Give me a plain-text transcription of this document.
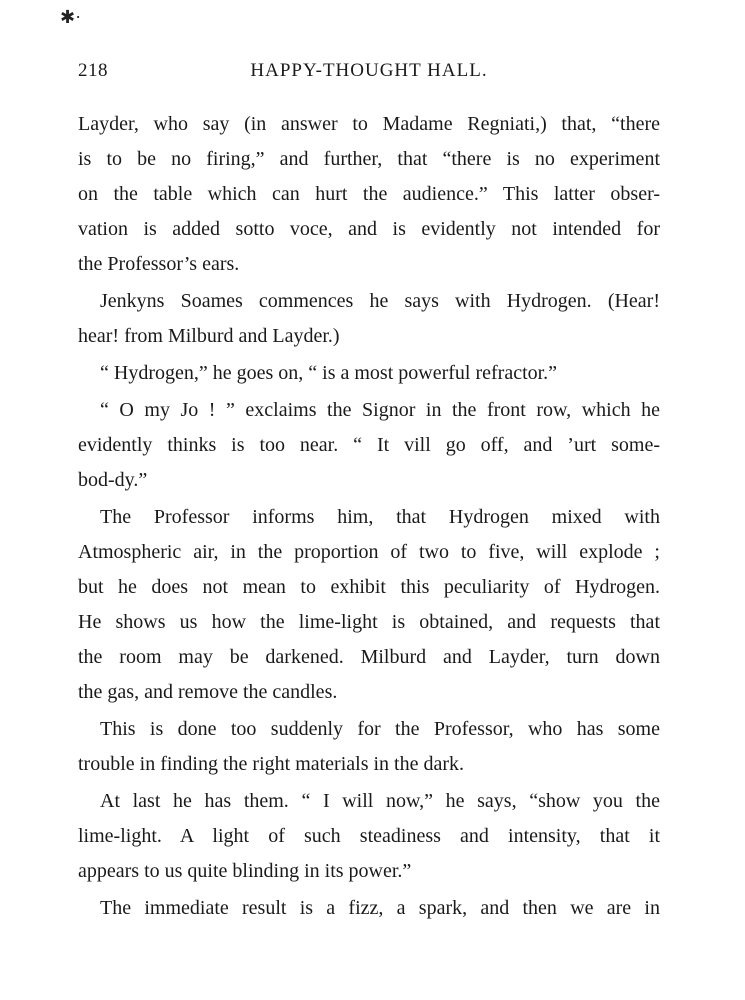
✱·
218	HAPPY-THOUGHT HALL.
Layder, who say (in answer to Madame Regniati,) that, “there
is to be no firing,” and further, that “there is no experiment
on the table which can hurt the audience.” This latter obser-
vation is added sotto voce, and is evidently not intended for
the Professor’s ears.
Jenkyns Soames commences he says with Hydrogen. (Hear!
hear! from Milburd and Layder.)
“ Hydrogen,” he goes on, “ is a most powerful refractor.”
“ O my Jo ! ” exclaims the Signor in the front row, which he
evidently thinks is too near. “ It vill go off, and ’urt some-
bod-dy.”
The Professor informs him, that Hydrogen mixed with
Atmospheric air, in the proportion of two to five, will explode ;
but he does not mean to exhibit this peculiarity of Hydrogen.
He shows us how the lime-light is obtained, and requests that
the room may be darkened. Milburd and Layder, turn down
the gas, and remove the candles.
This is done too suddenly for the Professor, who has some
trouble in finding the right materials in the dark.
At last he has them. “ I will now,” he says, “show you the
lime-light. A light of such steadiness and intensity, that it
appears to us quite blinding in its power.”
The immediate result is a fizz, a spark, and then we are in
